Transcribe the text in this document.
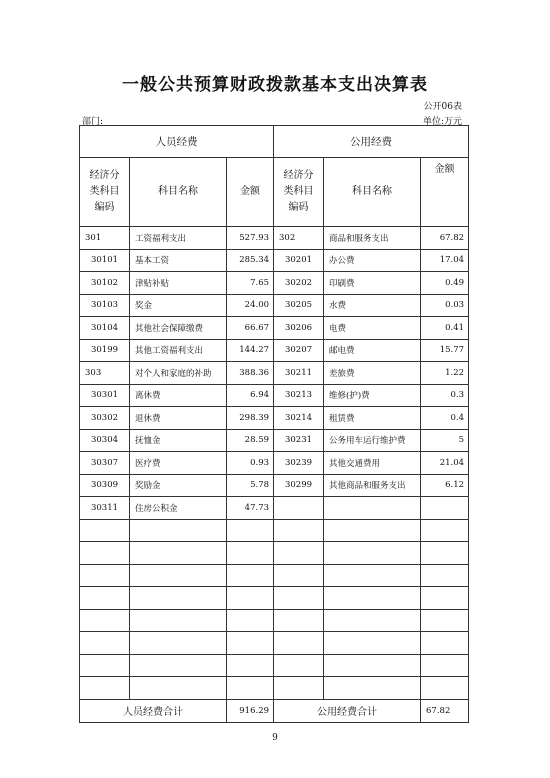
一般公共预算财政拨款基本支出决算表
公开06表
部门:	单位:万元
人员经费			公用经费		
经济分类科目编码	科目名称	金额	经济分类科目编码	科目名称	金额
301	工资福利支出	527.93	302	商品和服务支出	67.82
30101	基本工资	285.34	30201	办公费	17.04
30102	津贴补贴	7.65	30202	印刷费	0.49
30103	奖金	24.00	30205	水费	0.03
30104	其他社会保障缴费	66.67	30206	电费	0.41
30199	其他工资福利支出	144.27	30207	邮电费	15.77
303	对个人和家庭的补助	388.36	30211	差旅费	1.22
30301	离休费	6.94	30213	维修(护)费	0.3
30302	退休费	298.39	30214	租赁费	0.4
30304	抚恤金	28.59	30231	公务用车运行维护费	5
30307	医疗费	0.93	30239	其他交通费用	21.04
30309	奖励金	5.78	30299	其他商品和服务支出	6.12
30311	住房公积金	47.73			

人员经费合计		916.29	公用经费合计		67.82
9
